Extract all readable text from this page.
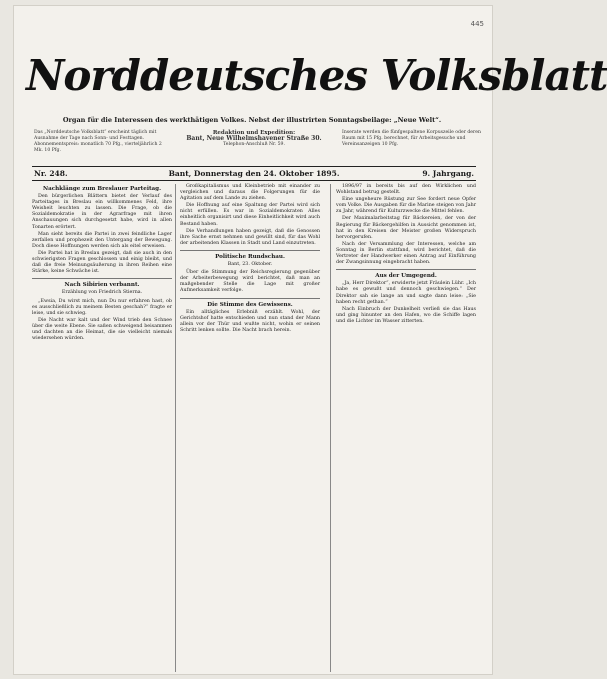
445
Norddeutsches Volksblatt
Organ für die Interessen des werkthätigen Volkes. Nebst der illustrirten Sonntagsbeilage: „Neue Welt“.
Das „Norddeutsche Volksblatt“ erscheint täglich mit Ausnahme der Tage nach Sonn- und Festtagen. Abonnementspreis: monatlich 70 Pfg., vierteljährlich 2 Mk. 10 Pfg.
Redaktion und Expedition:
Bant, Neue Wilhelmshavener Straße 30.
Telephon-Anschluß Nr. 59.
Inserate werden die fünfgespaltene Korpuszeile oder deren Raum mit 15 Pfg. berechnet, für Arbeitsgesuche und Vereinsanzeigen 10 Pfg.
Nr. 248.	Bant, Donnerstag den 24. Oktober 1895.	9. Jahrgang.
Nachklänge zum Breslauer Parteitag.

Den bürgerlichen Blättern bietet der Verlauf des Parteitages in Breslau ein willkommenes Feld, ihre Weisheit leuchten zu lassen. Die Frage, ob die Sozialdemokratie in der Agrarfrage mit ihren Anschauungen sich durchgesetzt habe, wird in allen Tonarten erörtert.

Man sieht bereits die Partei in zwei feindliche Lager zerfallen und prophezeit den Untergang der Bewegung. Doch diese Hoffnungen werden sich als eitel erweisen.

Die Partei hat in Breslau gezeigt, daß sie auch in den schwierigsten Fragen geschlossen und einig bleibt, und daß die freie Meinungsäußerung in ihren Reihen eine Stärke, keine Schwäche ist.

Nach Sibirien verbannt.
Erzählung von Friedrich Stierna.

„Ewsia, Du wirst mich, nun Du nur erfahren hast, ob es ausschließlich zu meinem Besten geschah?“ fragte er leise, und sie schwieg.

Die Nacht war kalt und der Wind trieb den Schnee über die weite Ebene. Sie saßen schweigend beisammen und dachten an die Heimat, die sie vielleicht niemals wiedersehen würden.

Großkapitalismus und Kleinbetrieb mit einander zu vergleichen und daraus die Folgerungen für die Agitation auf dem Lande zu ziehen.

Die Hoffnung auf eine Spaltung der Partei wird sich nicht erfüllen. Es war in Sozialdemokraten Alles einheitlich organisirt und diese Einheitlichkeit wird auch Bestand haben.

Die Verhandlungen haben gezeigt, daß die Genossen ihre Sache ernst nehmen und gewillt sind, für das Wohl der arbeitenden Klassen in Stadt und Land einzutreten.

Politische Rundschau.
Bant, 23. Oktober.

Über die Stimmung der Reichsregierung gegenüber der Arbeiterbewegung wird berichtet, daß man an maßgebender Stelle die Lage mit großer Aufmerksamkeit verfolge.

Die Stimme des Gewissens.

Ein alltägliches Erlebniß erzählt. Wohl, der Gerichtshof hatte entschieden und nun stand der Mann allein vor der Thür und wußte nicht, wohin er seinen Schritt lenken sollte. Die Nacht brach herein.

1896/97 in bereits bis auf den Wirklichen und Wohlstand betrug gestellt.

Eine ungeheure Rüstung zur See fordert neue Opfer vom Volke. Die Ausgaben für die Marine steigen von Jahr zu Jahr, während für Kulturzwecke die Mittel fehlen.

Der Maximalarbeitstag für Bäckereien, der von der Regierung für Bäckergehilfen in Aussicht genommen ist, hat in den Kreisen der Meister großen Widerspruch hervorgerufen.

Nach der Versammlung der Interessen, welche am Sonntag in Berlin stattfand, wird berichtet, daß die Vertreter der Handwerker einen Antrag auf Einführung der Zwangsinnung eingebracht haben.

Aus der Umgegend.

„Ja, Herr Direktor“, erwiderte jetzt Fräulein Lühr. „Ich habe es gewußt und dennoch geschwiegen.“ Der Direktor sah sie lange an und sagte dann leise: „Sie haben recht gethan.“

Nach Einbruch der Dunkelheit verließ sie das Haus und ging hinunter an den Hafen, wo die Schiffe lagen und die Lichter im Wasser zitterten.
